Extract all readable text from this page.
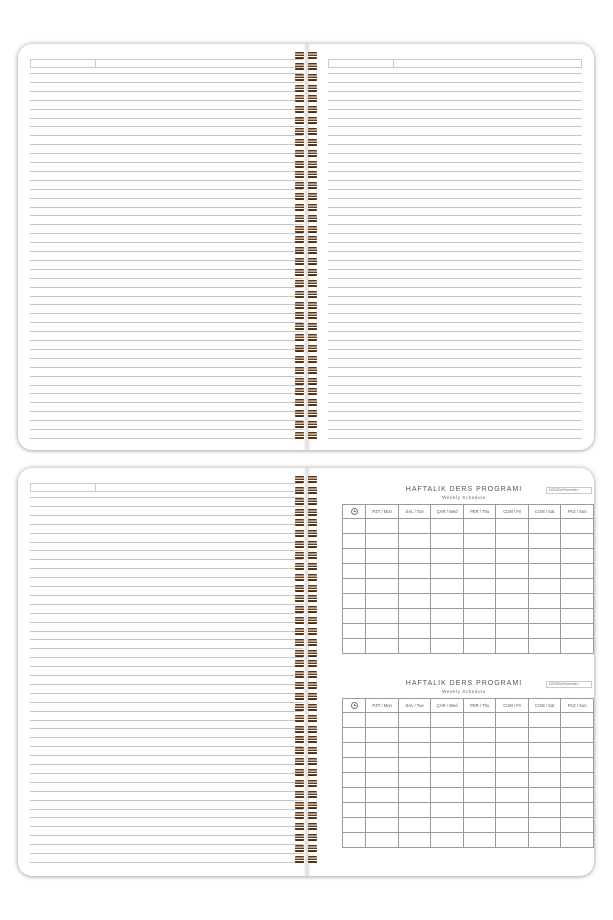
HAFTALIK DERS PROGRAMI
Weekly Schedule
DÖNEM/Semester:
	PZT / Mon	SAL / Tue	ÇAR / Wed	PER / Thu	CUM / Fri	CUM / Sat	PAZ / Sun

HAFTALIK DERS PROGRAMI
Weekly Schedule
DÖNEM/Semester:
	PZT / Mon	SAL / Tue	ÇAR / Wed	PER / Thu	CUM / Fri	CUM / Sat	PAZ / Sun
